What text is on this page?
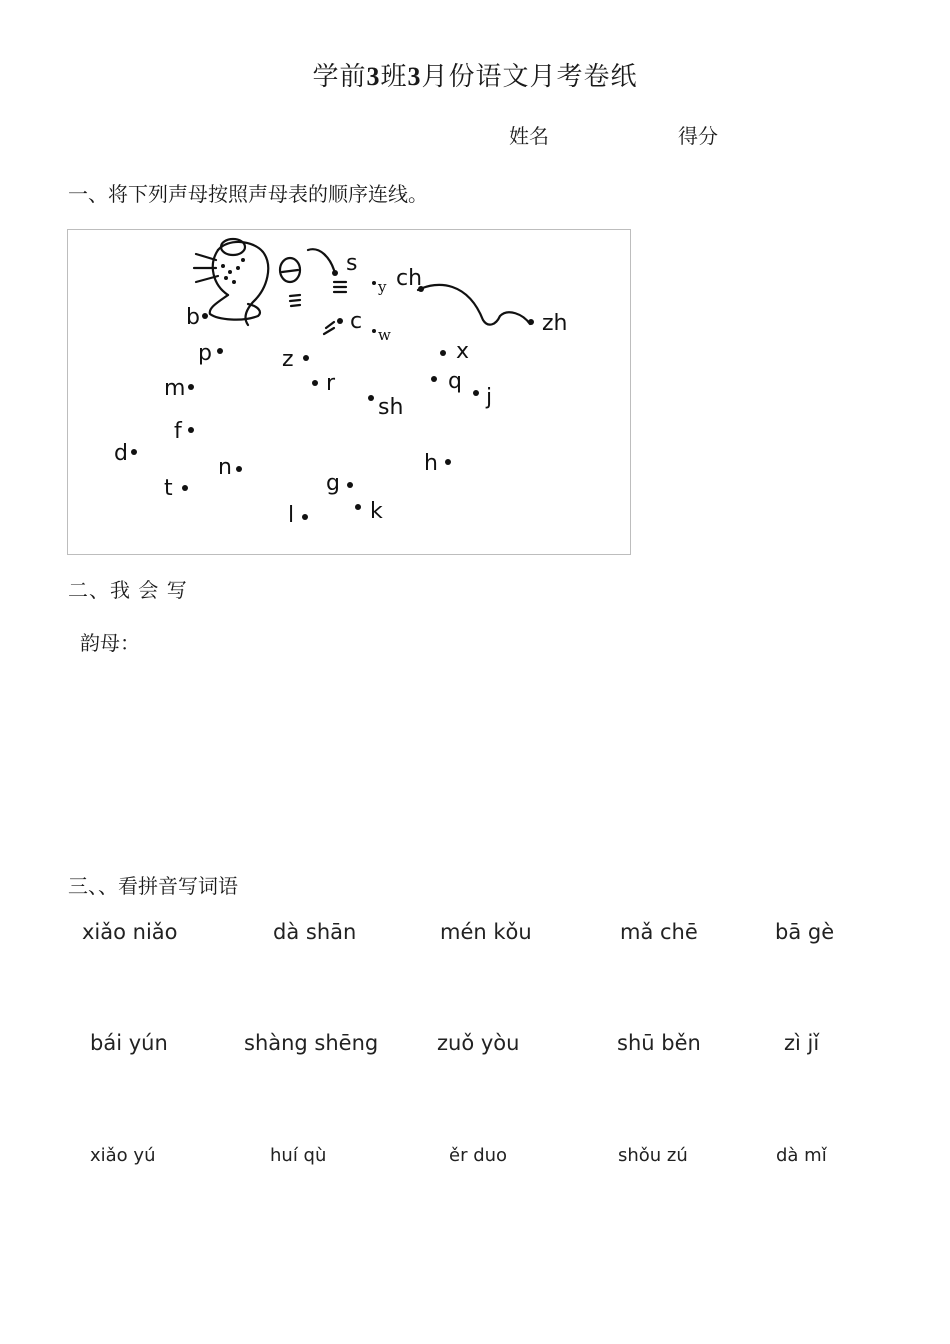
学前3班3月份语文月考卷纸
姓名	得分
一、将下列声母按照声母表的顺序连线。
s
y ch
b	c
w	zh
p	z	x
m	r	q
j
sh
f
d	h
n
t	g
l	k
二、我 会 写
韵母：
三、、看拼音写词语
xiǎo niǎo	dà shān	mén kǒu	mǎ chē	bā gè
bái yún	shàng shēng	zuǒ yòu	shū běn	zì jǐ
xiǎo yú	huí qù	ěr duo	shǒu zú	dà mǐ
